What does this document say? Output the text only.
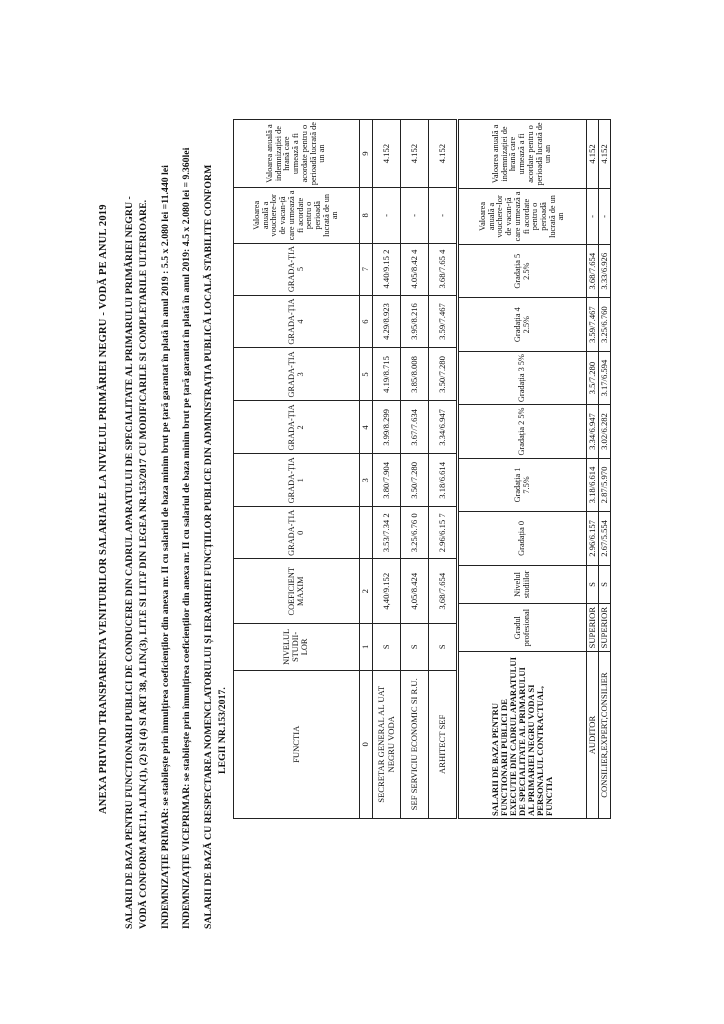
ANEXA PRIVIND TRANSPARENTA VENITURILOR SALARIALE LA NIVELUL PRIMĂRIEI NEGRU - VODĂ PE ANUL 2019 SALARII DE BAZA PENTRU FUNCTIONARII PUBLICI DE CONDUCERE DIN CADRUL APARATULUI DE SPECIALITATE AL PRIMARULUI PRIMĂRIEI NEGRU - VODĂ CONFORM ART.11, ALIN.(1), (2) SI (4) SI ART 38, ALIN.(3), LIT.E SI LIT.F DIN LEGEA NR.153/2017 CU MODIFICARILE SI COMPLETARILE ULTERIOARE. INDEMNIZAȚIE PRIMAR: se stabilește prin înmulțirea coeficienților din anexa nr. II cu salariul de baza minim brut pe țară garantat în plată în anul 2019 : 5.5 x 2.080 lei =11.440 lei INDEMNIZAȚIE VICEPRIMAR: se stabilește prin înmulțirea coeficienților din anexa nr. II cu salariul de baza minim brut pe țară garantat în plată în anul 2019: 4.5 x 2.080 lei = 9.360lei SALARII DE BAZĂ CU RESPECTAREA NOMENCLATORULUI ȘI IERARHIEI FUNCȚIILOR PUBLICE DIN ADMINISTRAȚIA PUBLICĂ LOCALĂ STABILITE CONFORM LEGII NR.153/2017.	FUNCTIA	NIVELUL STUDII-LOR	COEFICIENT MAXIM	GRADA-ȚIA 0	GRADA-ȚIA 1	GRADA-ȚIA 2	GRADA-ȚIA 3	GRADA-ȚIA 4	GRADA-ȚIA 5	Valoarea anuală a vouchere-lor de vacan-ță care urmează a fi acordate pentru o perioadă lucrată de un an	Valoarea anuală a indemnizației de hrană care urmează a fi acordate pentru o perioadă lucrată de un an
0	1	2		3	4	5	6	7	8	9
SECRETAR GENERAL AL UAT NEGRU VODA	S	4,40/9.152	3.53/7.34 2	3.80/7.904	3.99/8.299	4.19/8.715	4.29/8.923	4.40/9.15 2	-	4.152
SEF SERVICIU ECONOMIC SI R.U.	S	4,05/8.424	3.25/6.76 0	3.50/7.280	3.67/7.634	3.85/8.008	3.95/8.216	4.05/8.42 4	-	4.152
ARHITECT SEF	S	3,68/7.654	2.96/6.15 7	3.18/6.614	3.34/6.947	3.50/7.280	3.59/7.467	3.68/7.65 4	-	4.152
SALARII DE BAZA PENTRU FUNCTIONARII PUBLICI DE EXECUTIE DIN CADRUL APARATULUI DE SPECIALITATE AL PRIMARULUI AL PRIMARIEI NEGRU VODA SI PERSONALUL CONTRACTUAL, FUNCTIA	Gradul profesional	Nivelul studiilor	Gradația 0	Gradația 1 7.5%	Gradația 2 5%	Gradația 3 5%	Gradația 4 2.5%	Gradația 5 2.5%	Valoarea anuală a vouchere-lor de vacan-ță care urmează a fi acordate pentru o perioadă lucrată de un an	Valoarea anuală a indemnizației de hrană care urmează a fi acordate pentru o perioadă lucrată de un an
AUDITOR	SUPERIOR	S	2.96/6.157	3.18/6.614	3.34/6.947	3.5/7.280	3.59/7.467	3.68/7.654	-	4.152
CONSILIER,EXPERT,CONSILIER	SUPERIOR	S	2.67/5.554	2.87/5.970	3.02/6.282	3.17/6.594	3.25/6.760	3.33/6.926	-	4.152
